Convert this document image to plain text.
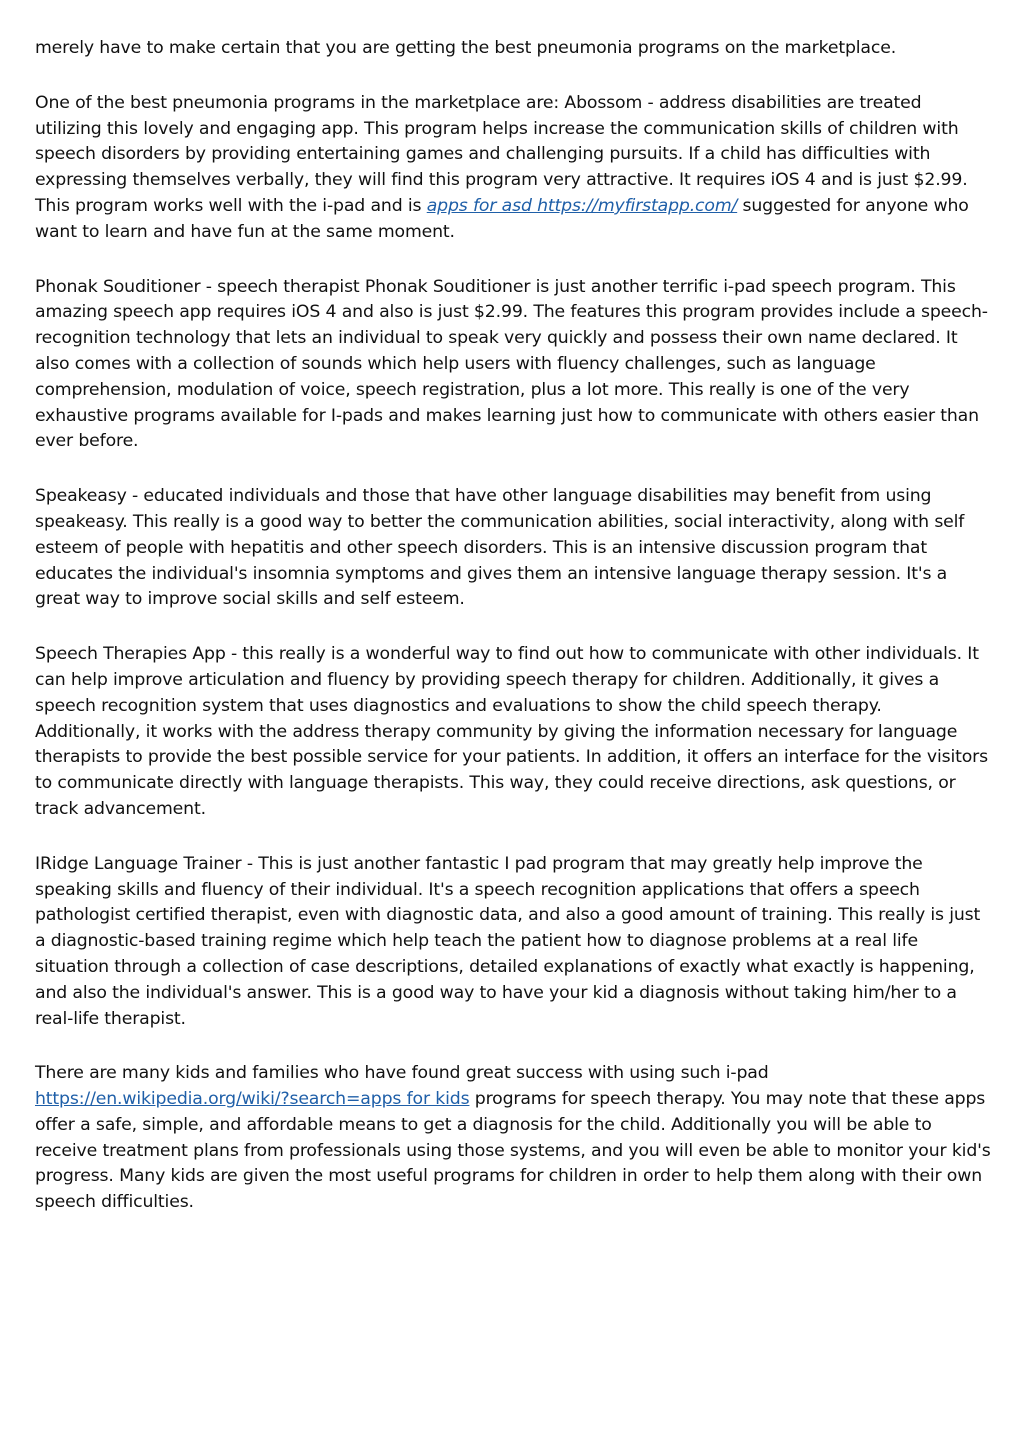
merely have to make certain that you are getting the best pneumonia programs on the marketplace.

One of the best pneumonia programs in the marketplace are: Abossom - address disabilities are treated utilizing this lovely and engaging app. This program helps increase the communication skills of children with speech disorders by providing entertaining games and challenging pursuits. If a child has difficulties with expressing themselves verbally, they will find this program very attractive. It requires iOS 4 and is just $2.99. This program works well with the i-pad and is apps for asd https://myfirstapp.com/ suggested for anyone who want to learn and have fun at the same moment.

Phonak Souditioner - speech therapist Phonak Souditioner is just another terrific i-pad speech program. This amazing speech app requires iOS 4 and also is just $2.99. The features this program provides include a speech-recognition technology that lets an individual to speak very quickly and possess their own name declared. It also comes with a collection of sounds which help users with fluency challenges, such as language comprehension, modulation of voice, speech registration, plus a lot more. This really is one of the very exhaustive programs available for I-pads and makes learning just how to communicate with others easier than ever before.

Speakeasy - educated individuals and those that have other language disabilities may benefit from using speakeasy. This really is a good way to better the communication abilities, social interactivity, along with self esteem of people with hepatitis and other speech disorders. This is an intensive discussion program that educates the individual's insomnia symptoms and gives them an intensive language therapy session. It's a great way to improve social skills and self esteem.

Speech Therapies App - this really is a wonderful way to find out how to communicate with other individuals. It can help improve articulation and fluency by providing speech therapy for children. Additionally, it gives a speech recognition system that uses diagnostics and evaluations to show the child speech therapy. Additionally, it works with the address therapy community by giving the information necessary for language therapists to provide the best possible service for your patients. In addition, it offers an interface for the visitors to communicate directly with language therapists. This way, they could receive directions, ask questions, or track advancement.

IRidge Language Trainer - This is just another fantastic I pad program that may greatly help improve the speaking skills and fluency of their individual. It's a speech recognition applications that offers a speech pathologist certified therapist, even with diagnostic data, and also a good amount of training. This really is just a diagnostic-based training regime which help teach the patient how to diagnose problems at a real life situation through a collection of case descriptions, detailed explanations of exactly what exactly is happening, and also the individual's answer. This is a good way to have your kid a diagnosis without taking him/her to a real-life therapist.

There are many kids and families who have found great success with using such i-pad https://en.wikipedia.org/wiki/?search=apps for kids programs for speech therapy. You may note that these apps offer a safe, simple, and affordable means to get a diagnosis for the child. Additionally you will be able to receive treatment plans from professionals using those systems, and you will even be able to monitor your kid's progress. Many kids are given the most useful programs for children in order to help them along with their own speech difficulties.
